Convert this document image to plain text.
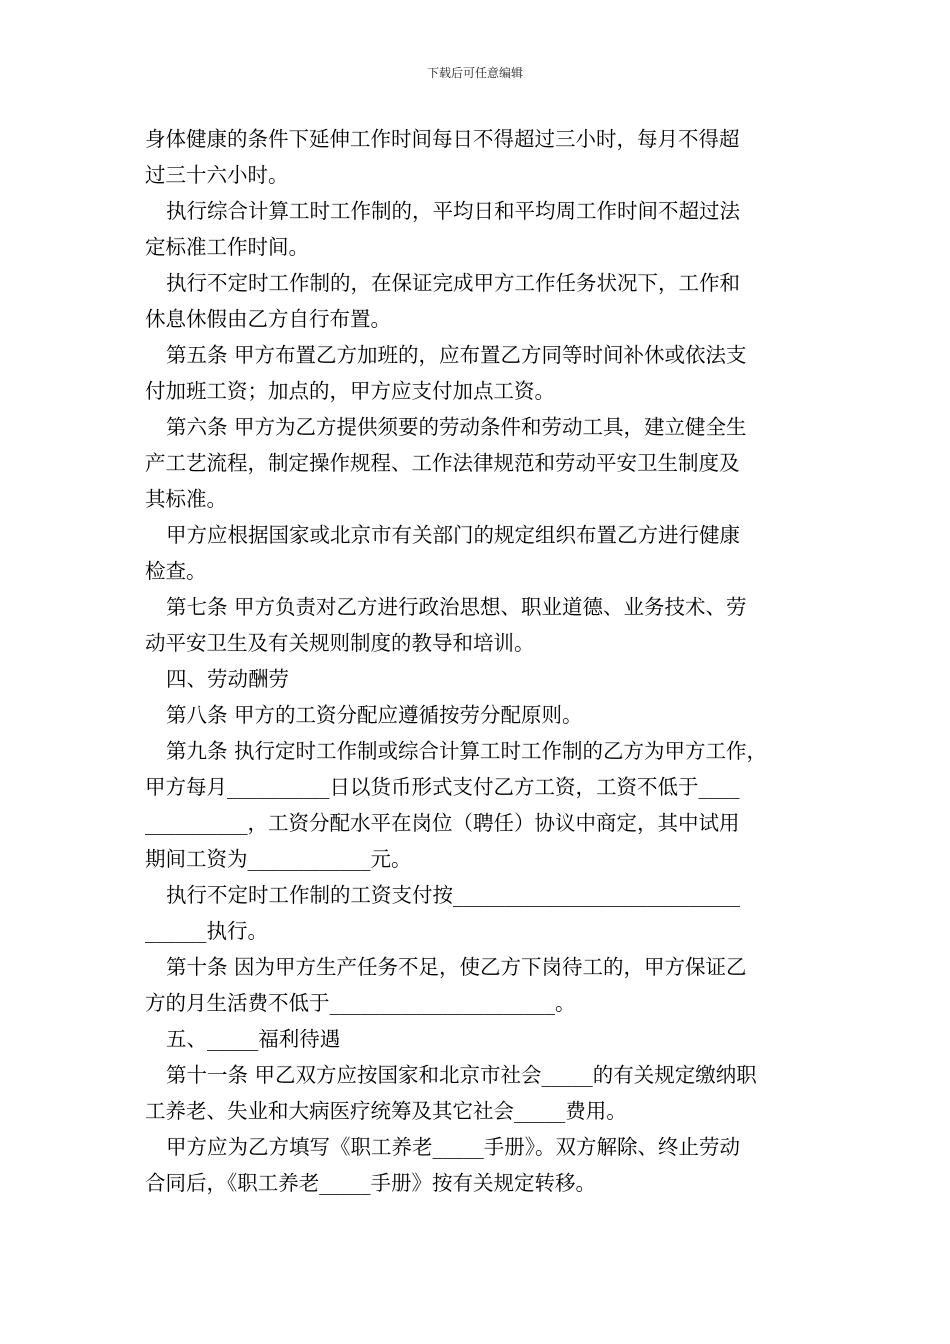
下载后可任意编辑
身体健康的条件下延伸工作时间每日不得超过三小时，每月不得超
过三十六小时。
执行综合计算工时工作制的，平均日和平均周工作时间不超过法
定标准工作时间。
执行不定时工作制的，在保证完成甲方工作任务状况下，工作和
休息休假由乙方自行布置。
第五条 甲方布置乙方加班的，应布置乙方同等时间补休或依法支
付加班工资；加点的，甲方应支付加点工资。
第六条 甲方为乙方提供须要的劳动条件和劳动工具，建立健全生
产工艺流程，制定操作规程、工作法律规范和劳动平安卫生制度及
其标准。
甲方应根据国家或北京市有关部门的规定组织布置乙方进行健康
检查。
第七条 甲方负责对乙方进行政治思想、职业道德、业务技术、劳
动平安卫生及有关规则制度的教导和培训。
四、劳动酬劳
第八条 甲方的工资分配应遵循按劳分配原则。
第九条 执行定时工作制或综合计算工时工作制的乙方为甲方工作，
甲方每月__________日以货币形式支付乙方工资，工资不低于____
__________，工资分配水平在岗位（聘任）协议中商定，其中试用
期间工资为____________元。
执行不定时工作制的工资支付按____________________________
______执行。
第十条 因为甲方生产任务不足，使乙方下岗待工的，甲方保证乙
方的月生活费不低于______________________。
五、_____福利待遇
第十一条 甲乙双方应按国家和北京市社会_____的有关规定缴纳职
工养老、失业和大病医疗统筹及其它社会_____费用。
甲方应为乙方填写《职工养老_____手册》。双方解除、终止劳动
合同后，《职工养老_____手册》按有关规定转移。
